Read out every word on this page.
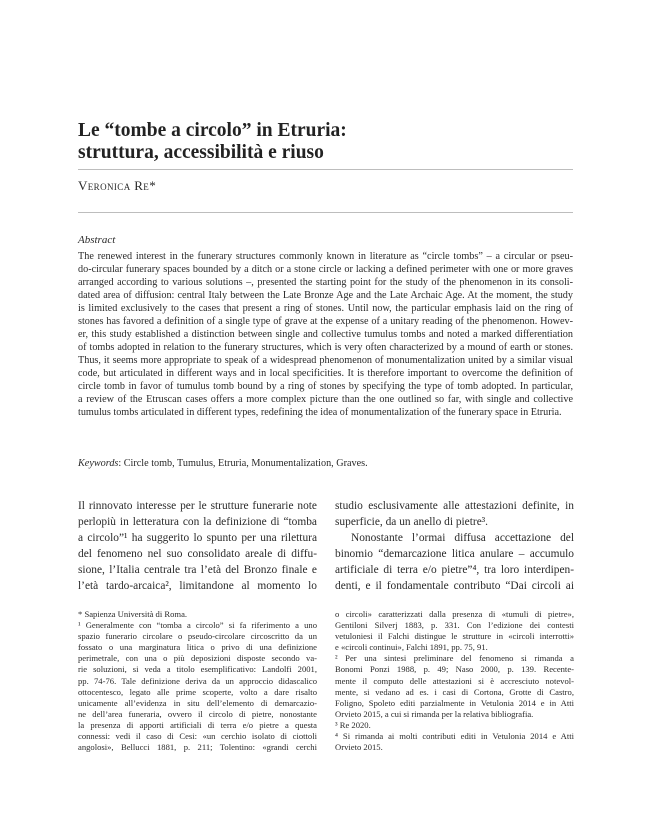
Le “tombe a circolo” in Etruria:
struttura, accessibilità e riuso
Veronica Re*
Abstract
The renewed interest in the funerary structures commonly known in literature as “circle tombs” – a circular or pseu-
do-circular funerary spaces bounded by a ditch or a stone circle or lacking a defined perimeter with one or more graves
arranged according to various solutions –, presented the starting point for the study of the phenomenon in its consoli-
dated area of diffusion: central Italy between the Late Bronze Age and the Late Archaic Age. At the moment, the study
is limited exclusively to the cases that present a ring of stones. Until now, the particular emphasis laid on the ring of
stones has favored a definition of a single type of grave at the expense of a unitary reading of the phenomenon. Howev-
er, this study established a distinction between single and collective tumulus tombs and noted a marked differentiation
of tombs adopted in relation to the funerary structures, which is very often characterized by a mound of earth or stones.
Thus, it seems more appropriate to speak of a widespread phenomenon of monumentalization united by a similar visual
code, but articulated in different ways and in local specificities. It is therefore important to overcome the definition of
circle tomb in favor of tumulus tomb bound by a ring of stones by specifying the type of tomb adopted. In particular,
a review of the Etruscan cases offers a more complex picture than the one outlined so far, with single and collective
tumulus tombs articulated in different types, redefining the idea of monumentalization of the funerary space in Etruria.
Keywords: Circle tomb, Tumulus, Etruria, Monumentalization, Graves.
Il rinnovato interesse per le strutture funerarie note
perlopiù in letteratura con la definizione di “tomba
a circolo”¹ ha suggerito lo spunto per una rilettura
del fenomeno nel suo consolidato areale di diffu-
sione, l’Italia centrale tra l’età del Bronzo finale e
l’età tardo-arcaica², limitandone al momento lo
studio esclusivamente alle attestazioni definite, in
superficie, da un anello di pietre³.
Nonostante l’ormai diffusa accettazione del
binomio “demarcazione litica anulare – accumulo
artificiale di terra e/o pietre”⁴, tra loro interdipen-
denti, e il fondamentale contributo “Dai circoli ai
* Sapienza Università di Roma.
¹ Generalmente con “tomba a circolo” si fa riferimento a uno
spazio funerario circolare o pseudo-circolare circoscritto da un
fossato o una marginatura litica o privo di una definizione
perimetrale, con una o più deposizioni disposte secondo va-
rie soluzioni, si veda a titolo esemplificativo: Landolfi 2001,
pp. 74-76. Tale definizione deriva da un approccio didascalico
ottocentesco, legato alle prime scoperte, volto a dare risalto
unicamente all’evidenza in situ dell’elemento di demarcazio-
ne dell’area funeraria, ovvero il circolo di pietre, nonostante
la presenza di apporti artificiali di terra e/o pietre a questa
connessi: vedi il caso di Cesi: «un cerchio isolato di ciottoli
angolosi», Bellucci 1881, p. 211; Tolentino: «grandi cerchi
o circoli» caratterizzati dalla presenza di «tumuli di pietre»,
Gentiloni Silverj 1883, p. 331. Con l’edizione dei contesti
vetuloniesi il Falchi distingue le strutture in «circoli interrotti»
e «circoli continui», Falchi 1891, pp. 75, 91.
² Per una sintesi preliminare del fenomeno si rimanda a
Bonomi Ponzi 1988, p. 49; Naso 2000, p. 139. Recente-
mente il computo delle attestazioni si è accresciuto notevol-
mente, si vedano ad es. i casi di Cortona, Grotte di Castro,
Foligno, Spoleto editi parzialmente in Vetulonia 2014 e in Atti
Orvieto 2015, a cui si rimanda per la relativa bibliografia.
³ Re 2020.
⁴ Si rimanda ai molti contributi editi in Vetulonia 2014 e Atti
Orvieto 2015.
